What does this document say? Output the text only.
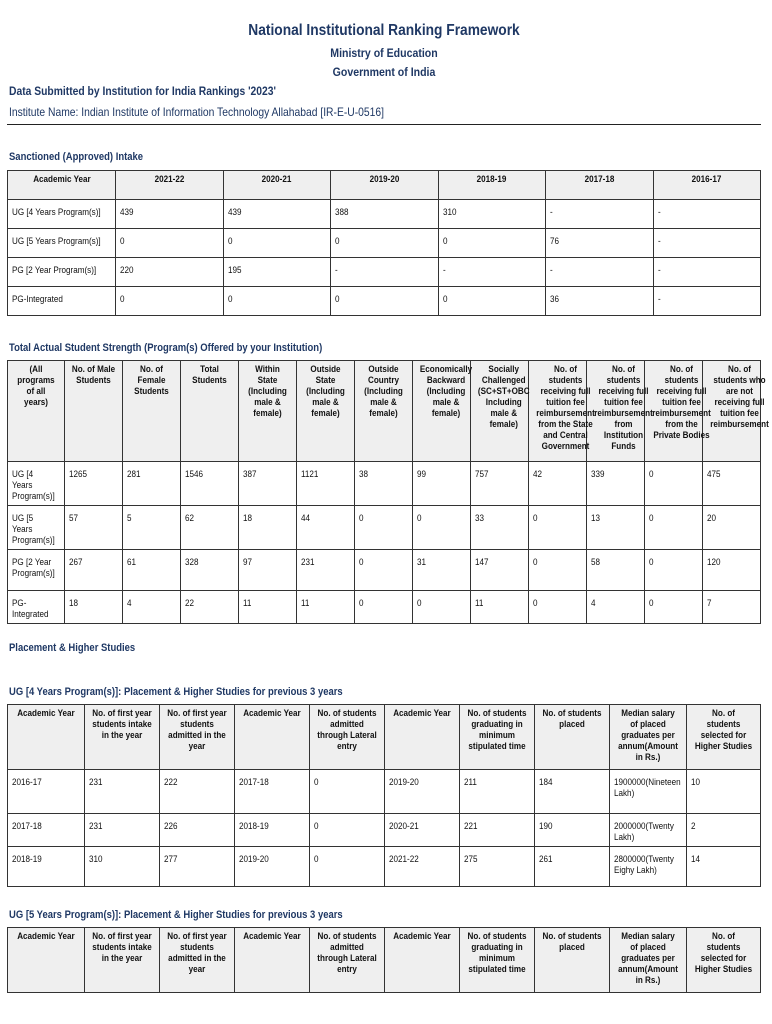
National Institutional Ranking Framework
Ministry of Education
Government of India
Data Submitted by Institution for India Rankings '2023'
Institute Name: Indian Institute of Information Technology Allahabad [IR-E-U-0516]
Sanctioned (Approved) Intake
Academic Year	2021-22	2020-21	2019-20	2018-19	2017-18	2016-17
UG [4 Years Program(s)]	439	439	388	310	-	-
UG [5 Years Program(s)]	0	0	0	0	76	-
PG [2 Year Program(s)]	220	195	-	-	-	-
PG-Integrated	0	0	0	0	36	-
Total Actual Student Strength (Program(s) Offered by your Institution)
(All programs of all years)	No. of Male Students	No. of Female Students	Total Students	Within State (Including male & female)	Outside State (Including male & female)	Outside Country (Including male & female)	Economically Backward (Including male & female)	Socially Challenged (SC+ST+OBC Including male & female)	No. of students receiving full tuition fee reimbursement from the State and Central Government	No. of students receiving full tuition fee reimbursement from Institution Funds	No. of students receiving full tuition fee reimbursement from the Private Bodies	No. of students who are not receiving full tuition fee reimbursement
UG [4 Years Program(s)]	1265	281	1546	387	1121	38	99	757	42	339	0	475
UG [5 Years Program(s)]	57	5	62	18	44	0	0	33	0	13	0	20
PG [2 Year Program(s)]	267	61	328	97	231	0	31	147	0	58	0	120
PG-Integrated	18	4	22	11	11	0	0	11	0	4	0	7
Placement & Higher Studies
UG [4 Years Program(s)]: Placement & Higher Studies for previous 3 years
Academic Year	No. of first year students intake in the year	No. of first year students admitted in the year	Academic Year	No. of students admitted through Lateral entry	Academic Year	No. of students graduating in minimum stipulated time	No. of students placed	Median salary of placed graduates per annum(Amount in Rs.)	No. of students selected for Higher Studies
2016-17	231	222	2017-18	0	2019-20	211	184	1900000(Nineteen Lakh)	10
2017-18	231	226	2018-19	0	2020-21	221	190	2000000(Twenty Lakh)	2
2018-19	310	277	2019-20	0	2021-22	275	261	2800000(Twenty Eighy Lakh)	14
UG [5 Years Program(s)]: Placement & Higher Studies for previous 3 years
Academic Year	No. of first year students intake in the year	No. of first year students admitted in the year	Academic Year	No. of students admitted through Lateral entry	Academic Year	No. of students graduating in minimum stipulated time	No. of students placed	Median salary of placed graduates per annum(Amount in Rs.)	No. of students selected for Higher Studies
